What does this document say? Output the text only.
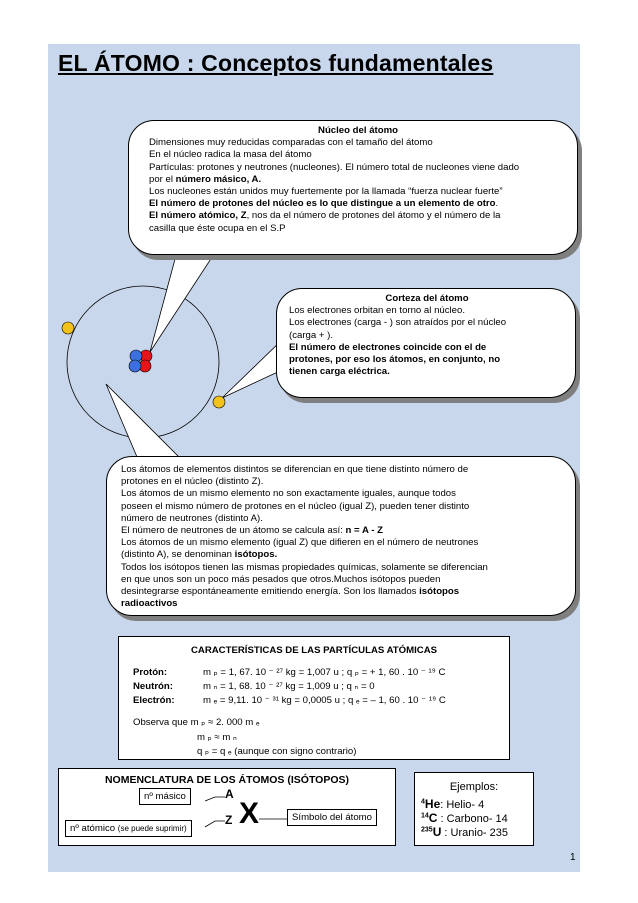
EL ÁTOMO : Conceptos fundamentales

Núcleo del átomo

Dimensiones muy reducidas comparadas con el tamaño del átomo

En el núcleo radica la masa del átomo

Partículas: protones y neutrones (nucleones). El número total de nucleones viene dado

por el número másico, A.

Los nucleones están unidos muy fuertemente por la llamada “fuerza nuclear fuerte”

El número de protones del núcleo es lo que distingue a un elemento de otro.

El número atómico, Z, nos da el número de protones del átomo y el número de la

casilla que éste ocupa en el S.P

Corteza del átomo

Los electrones orbitan en torno al núcleo.

Los electrones (carga - ) son atraídos por el núcleo

(carga + ).

El número de electrones coincide con el de

protones, por eso los átomos, en conjunto, no

tienen carga eléctrica.

Los átomos de elementos distintos se diferencian en que tiene distinto número de

protones en el núcleo (distinto Z).

Los átomos de un mismo elemento no son exactamente iguales, aunque todos

poseen el mismo número de protones en el núcleo (igual Z), pueden tener distinto

número de neutrones (distinto A).

El número de neutrones de un átomo se calcula así: n = A - Z

Los átomos de un mismo elemento (igual Z) que difieren en el número de neutrones

(distinto A), se denominan isótopos.

Todos los isótopos tienen las mismas propiedades químicas, solamente se diferencian

en que unos son un poco más pesados que otros.Muchos isótopos pueden

desintegrarse espontáneamente emitiendo energía. Son los llamados isótopos

radioactivos

CARACTERÍSTICAS DE LAS PARTÍCULAS ATÓMICAS
Protón:	m ₚ = 1, 67. 10 ⁻ ²⁷ kg = 1,007 u ; q ₚ = + 1, 60 . 10 ⁻ ¹⁹ C
Neutrón:	m ₙ = 1, 68. 10 ⁻ ²⁷ kg = 1,009 u ; q ₙ = 0
Electrón:	m ₑ = 9,11. 10 ⁻ ³¹ kg = 0,0005 u ; q ₑ = – 1, 60 . 10 ⁻ ¹⁹ C
Observa que m ₚ ≈ 2. 000 m ₑ
m ₚ ≈ m ₙ
q ₚ = q ₑ (aunque con signo contrario)
NOMENCLATURA DE LOS ÁTOMOS (ISÓTOPOS)
nº másico
nº atómico (se puede suprimir)
A
Z X	Símbolo del átomo
Ejemplos:
$^4$He: Helio- 4
$^{14}$C : Carbono- 14
$^{235}$U : Uranio- 235
1
